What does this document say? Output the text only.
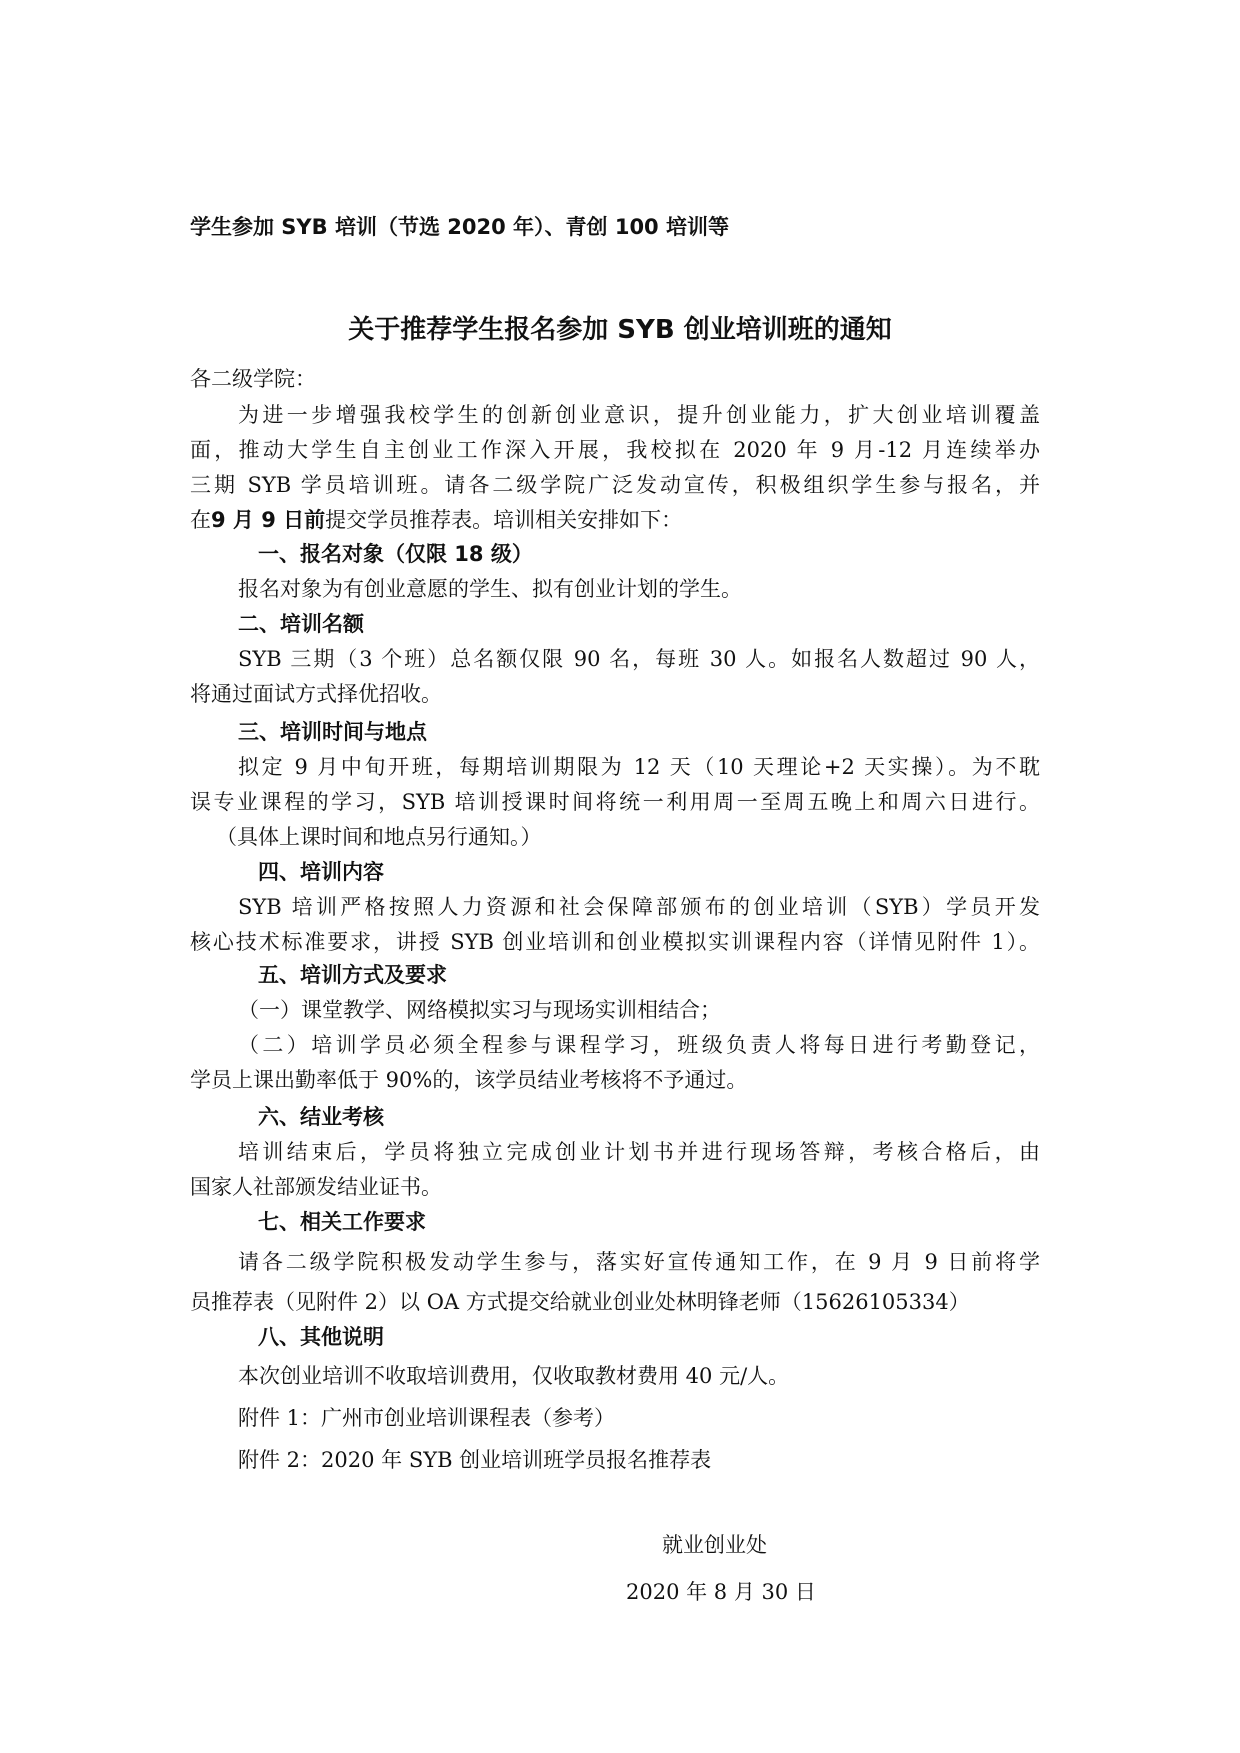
学生参加 SYB 培训（节选 2020 年）、青创 100 培训等
关于推荐学生报名参加 SYB 创业培训班的通知
各二级学院：
为进一步增强我校学生的创新创业意识，提升创业能力，扩大创业培训覆盖
面，推动大学生自主创业工作深入开展，我校拟在 2020 年 9 月-12 月连续举办
三期 SYB 学员培训班。请各二级学院广泛发动宣传，积极组织学生参与报名，并
在9 月 9 日前提交学员推荐表。培训相关安排如下：
一、报名对象（仅限 18 级）
报名对象为有创业意愿的学生、拟有创业计划的学生。
二、培训名额
SYB 三期（3 个班）总名额仅限 90 名，每班 30 人。如报名人数超过 90 人，
将通过面试方式择优招收。
三、培训时间与地点
拟定 9 月中旬开班，每期培训期限为 12 天（10 天理论+2 天实操）。为不耽
误专业课程的学习，SYB 培训授课时间将统一利用周一至周五晚上和周六日进行。
（具体上课时间和地点另行通知。）
四、培训内容
SYB 培训严格按照人力资源和社会保障部颁布的创业培训（SYB）学员开发
核心技术标准要求，讲授 SYB 创业培训和创业模拟实训课程内容（详情见附件 1）。
五、培训方式及要求
（一）课堂教学、网络模拟实习与现场实训相结合；
（二）培训学员必须全程参与课程学习，班级负责人将每日进行考勤登记，
学员上课出勤率低于 90%的，该学员结业考核将不予通过。
六、结业考核
培训结束后，学员将独立完成创业计划书并进行现场答辩，考核合格后，由
国家人社部颁发结业证书。
七、相关工作要求
请各二级学院积极发动学生参与，落实好宣传通知工作，在 9 月 9 日前将学
员推荐表（见附件 2）以 OA 方式提交给就业创业处林明锋老师（15626105334）
八、其他说明
本次创业培训不收取培训费用，仅收取教材费用 40 元/人。
附件 1：广州市创业培训课程表（参考）
附件 2：2020 年 SYB 创业培训班学员报名推荐表
就业创业处
2020 年 8 月 30 日
